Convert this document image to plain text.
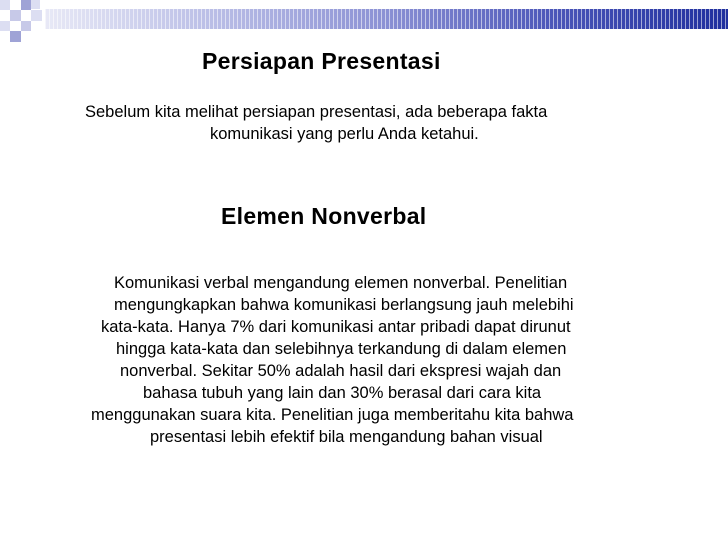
Persiapan Presentasi
Sebelum kita melihat persiapan presentasi, ada beberapa fakta
komunikasi yang perlu Anda ketahui.
Elemen Nonverbal
Komunikasi verbal mengandung elemen nonverbal. Penelitian
mengungkapkan bahwa komunikasi berlangsung jauh melebihi
kata-kata. Hanya 7% dari komunikasi antar pribadi dapat dirunut
hingga kata-kata dan selebihnya terkandung di dalam elemen
nonverbal. Sekitar 50% adalah hasil dari ekspresi wajah dan
bahasa tubuh yang lain dan 30% berasal dari cara kita
menggunakan suara kita. Penelitian juga memberitahu kita bahwa
presentasi lebih efektif bila mengandung bahan visual
